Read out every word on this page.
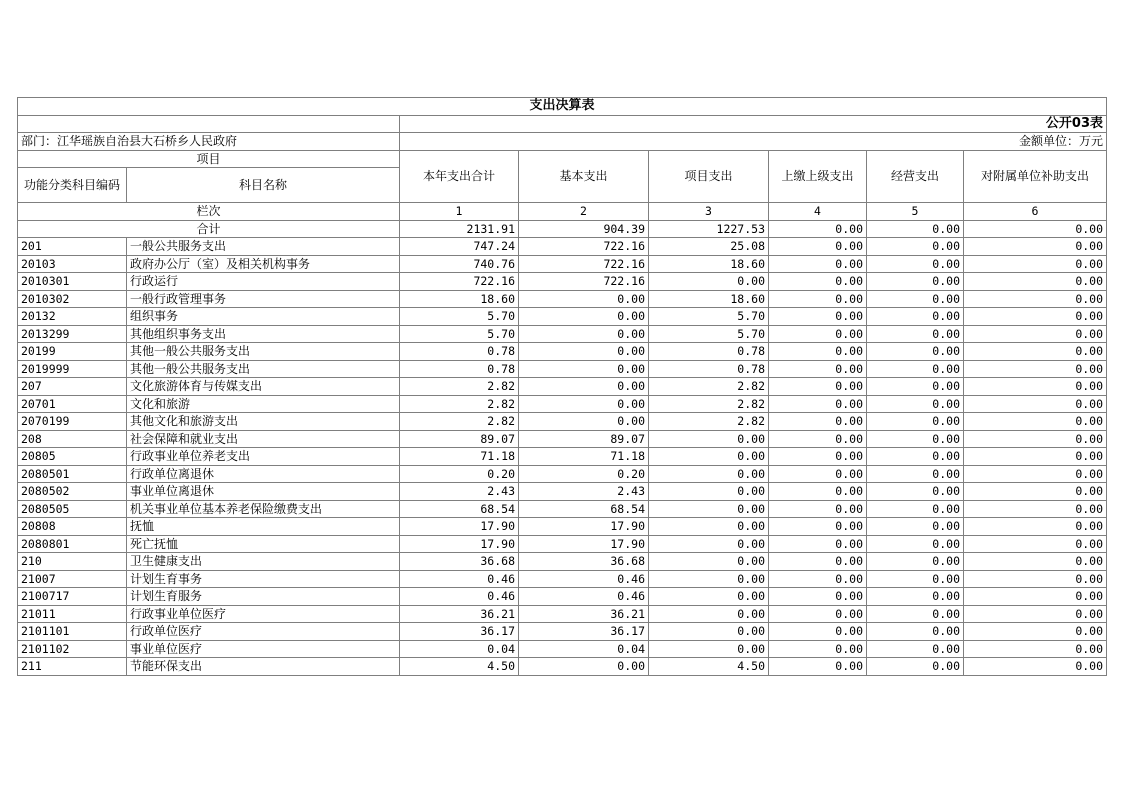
支出决算表							
		公开03表					
部门：江华瑶族自治县大石桥乡人民政府		金额单位：万元					
项目		本年支出合计	基本支出	项目支出	上缴上级支出	经营支出	对附属单位补助支出
功能分类科目编码	科目名称						
栏次		1	2	3	4	5	6
合计		2131.91	904.39	1227.53	0.00	0.00	0.00
201	一般公共服务支出	747.24	722.16	25.08	0.00	0.00	0.00
20103	政府办公厅（室）及相关机构事务	740.76	722.16	18.60	0.00	0.00	0.00
2010301	行政运行	722.16	722.16	0.00	0.00	0.00	0.00
2010302	一般行政管理事务	18.60	0.00	18.60	0.00	0.00	0.00
20132	组织事务	5.70	0.00	5.70	0.00	0.00	0.00
2013299	其他组织事务支出	5.70	0.00	5.70	0.00	0.00	0.00
20199	其他一般公共服务支出	0.78	0.00	0.78	0.00	0.00	0.00
2019999	其他一般公共服务支出	0.78	0.00	0.78	0.00	0.00	0.00
207	文化旅游体育与传媒支出	2.82	0.00	2.82	0.00	0.00	0.00
20701	文化和旅游	2.82	0.00	2.82	0.00	0.00	0.00
2070199	其他文化和旅游支出	2.82	0.00	2.82	0.00	0.00	0.00
208	社会保障和就业支出	89.07	89.07	0.00	0.00	0.00	0.00
20805	行政事业单位养老支出	71.18	71.18	0.00	0.00	0.00	0.00
2080501	行政单位离退休	0.20	0.20	0.00	0.00	0.00	0.00
2080502	事业单位离退休	2.43	2.43	0.00	0.00	0.00	0.00
2080505	机关事业单位基本养老保险缴费支出	68.54	68.54	0.00	0.00	0.00	0.00
20808	抚恤	17.90	17.90	0.00	0.00	0.00	0.00
2080801	死亡抚恤	17.90	17.90	0.00	0.00	0.00	0.00
210	卫生健康支出	36.68	36.68	0.00	0.00	0.00	0.00
21007	计划生育事务	0.46	0.46	0.00	0.00	0.00	0.00
2100717	计划生育服务	0.46	0.46	0.00	0.00	0.00	0.00
21011	行政事业单位医疗	36.21	36.21	0.00	0.00	0.00	0.00
2101101	行政单位医疗	36.17	36.17	0.00	0.00	0.00	0.00
2101102	事业单位医疗	0.04	0.04	0.00	0.00	0.00	0.00
211	节能环保支出	4.50	0.00	4.50	0.00	0.00	0.00
